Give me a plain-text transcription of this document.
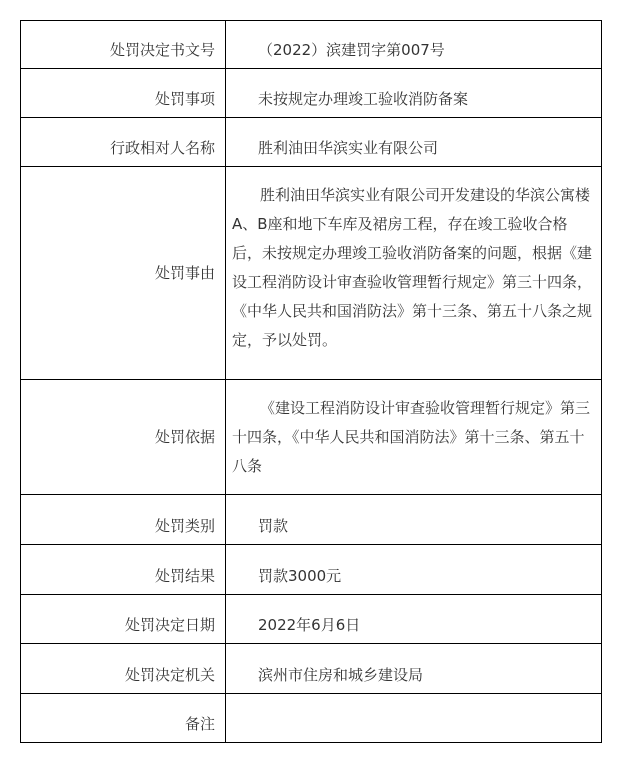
处罚决定书文号	（2022）滨建罚字第007号
处罚事项	未按规定办理竣工验收消防备案
行政相对人名称	胜利油田华滨实业有限公司
处罚事由	胜利油田华滨实业有限公司开发建设的华滨公寓楼A、B座和地下车库及裙房工程，存在竣工验收合格后，未按规定办理竣工验收消防备案的问题，根据《建设工程消防设计审查验收管理暂行规定》第三十四条，《中华人民共和国消防法》第十三条、第五十八条之规定，予以处罚。
处罚依据	《建设工程消防设计审查验收管理暂行规定》第三十四条，《中华人民共和国消防法》第十三条、第五十八条
处罚类别	罚款
处罚结果	罚款3000元
处罚决定日期	2022年6月6日
处罚决定机关	滨州市住房和城乡建设局
备注	
